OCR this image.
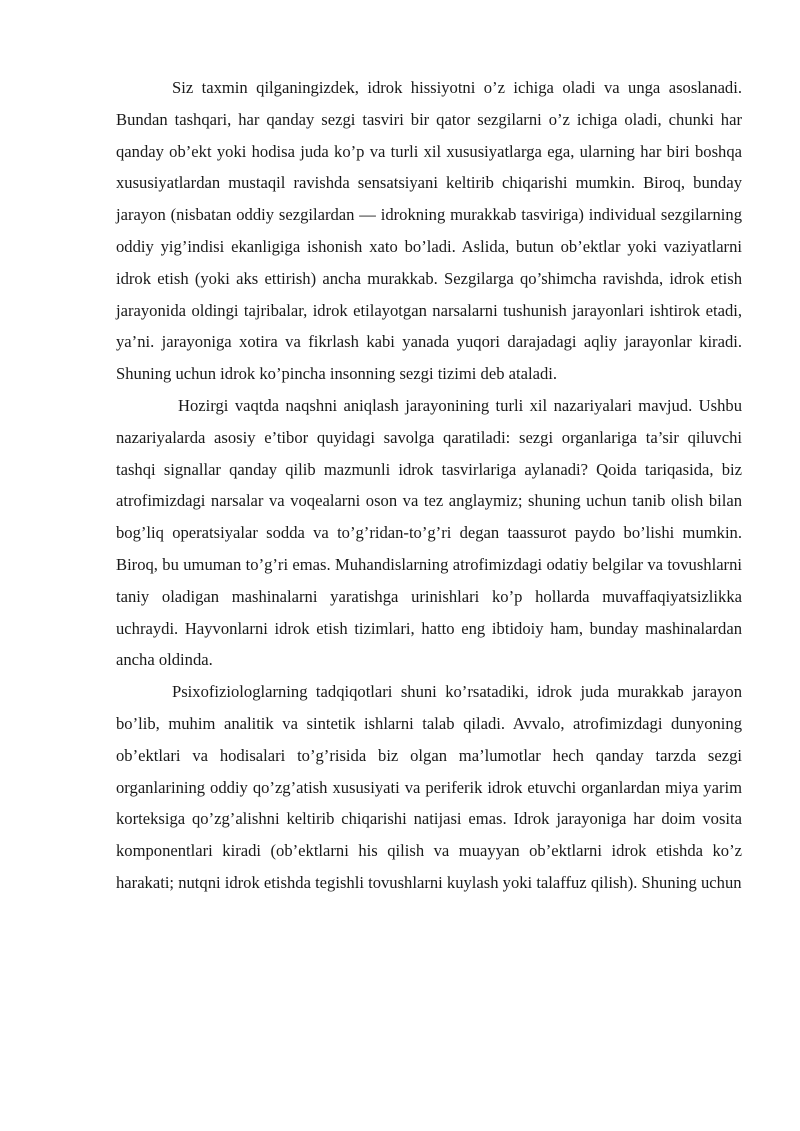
Siz taxmin qilganingizdek, idrok hissiyotni o’z ichiga oladi va unga asoslanadi. Bundan tashqari, har qanday sezgi tasviri bir qator sezgilarni o’z ichiga oladi, chunki har qanday ob’ekt yoki hodisa juda ko’p va turli xil xususiyatlarga ega, ularning har biri boshqa xususiyatlardan mustaqil ravishda sensatsiyani keltirib chiqarishi mumkin. Biroq, bunday jarayon (nisbatan oddiy sezgilardan — idrokning murakkab tasviriga) individual sezgilarning oddiy yig’indisi ekanligiga ishonish xato bo’ladi. Aslida, butun ob’ektlar yoki vaziyatlarni idrok etish (yoki aks ettirish) ancha murakkab. Sezgilarga qo’shimcha ravishda, idrok etish jarayonida oldingi tajribalar, idrok etilayotgan narsalarni tushunish jarayonlari ishtirok etadi, ya’ni. jarayoniga xotira va fikrlash kabi yanada yuqori darajadagi aqliy jarayonlar kiradi. Shuning uchun idrok ko’pincha insonning sezgi tizimi deb ataladi.

Hozirgi vaqtda naqshni aniqlash jarayonining turli xil nazariyalari mavjud. Ushbu nazariyalarda asosiy e’tibor quyidagi savolga qaratiladi: sezgi organlariga ta’sir qiluvchi tashqi signallar qanday qilib mazmunli idrok tasvirlariga aylanadi? Qoida tariqasida, biz atrofimizdagi narsalar va voqealarni oson va tez anglaymiz; shuning uchun tanib olish bilan bog’liq operatsiyalar sodda va to’g’ridan-to’g’ri degan taassurot paydo bo’lishi mumkin. Biroq, bu umuman to’g’ri emas. Muhandislarning atrofimizdagi odatiy belgilar va tovushlarni taniy oladigan mashinalarni yaratishga urinishlari ko’p hollarda muvaffaqiyatsizlikka uchraydi. Hayvonlarni idrok etish tizimlari, hatto eng ibtidoiy ham, bunday mashinalardan ancha oldinda.

Psixofiziologlarning tadqiqotlari shuni ko’rsatadiki, idrok juda murakkab jarayon bo’lib, muhim analitik va sintetik ishlarni talab qiladi. Avvalo, atrofimizdagi dunyoning ob’ektlari va hodisalari to’g’risida biz olgan ma’lumotlar hech qanday tarzda sezgi organlarining oddiy qo’zg’atish xususiyati va periferik idrok etuvchi organlardan miya yarim korteksiga qo’zg’alishni keltirib chiqarishi natijasi emas. Idrok jarayoniga har doim vosita komponentlari kiradi (ob’ektlarni his qilish va muayyan ob’ektlarni idrok etishda ko’z harakati; nutqni idrok etishda tegishli tovushlarni kuylash yoki talaffuz qilish). Shuning uchun
